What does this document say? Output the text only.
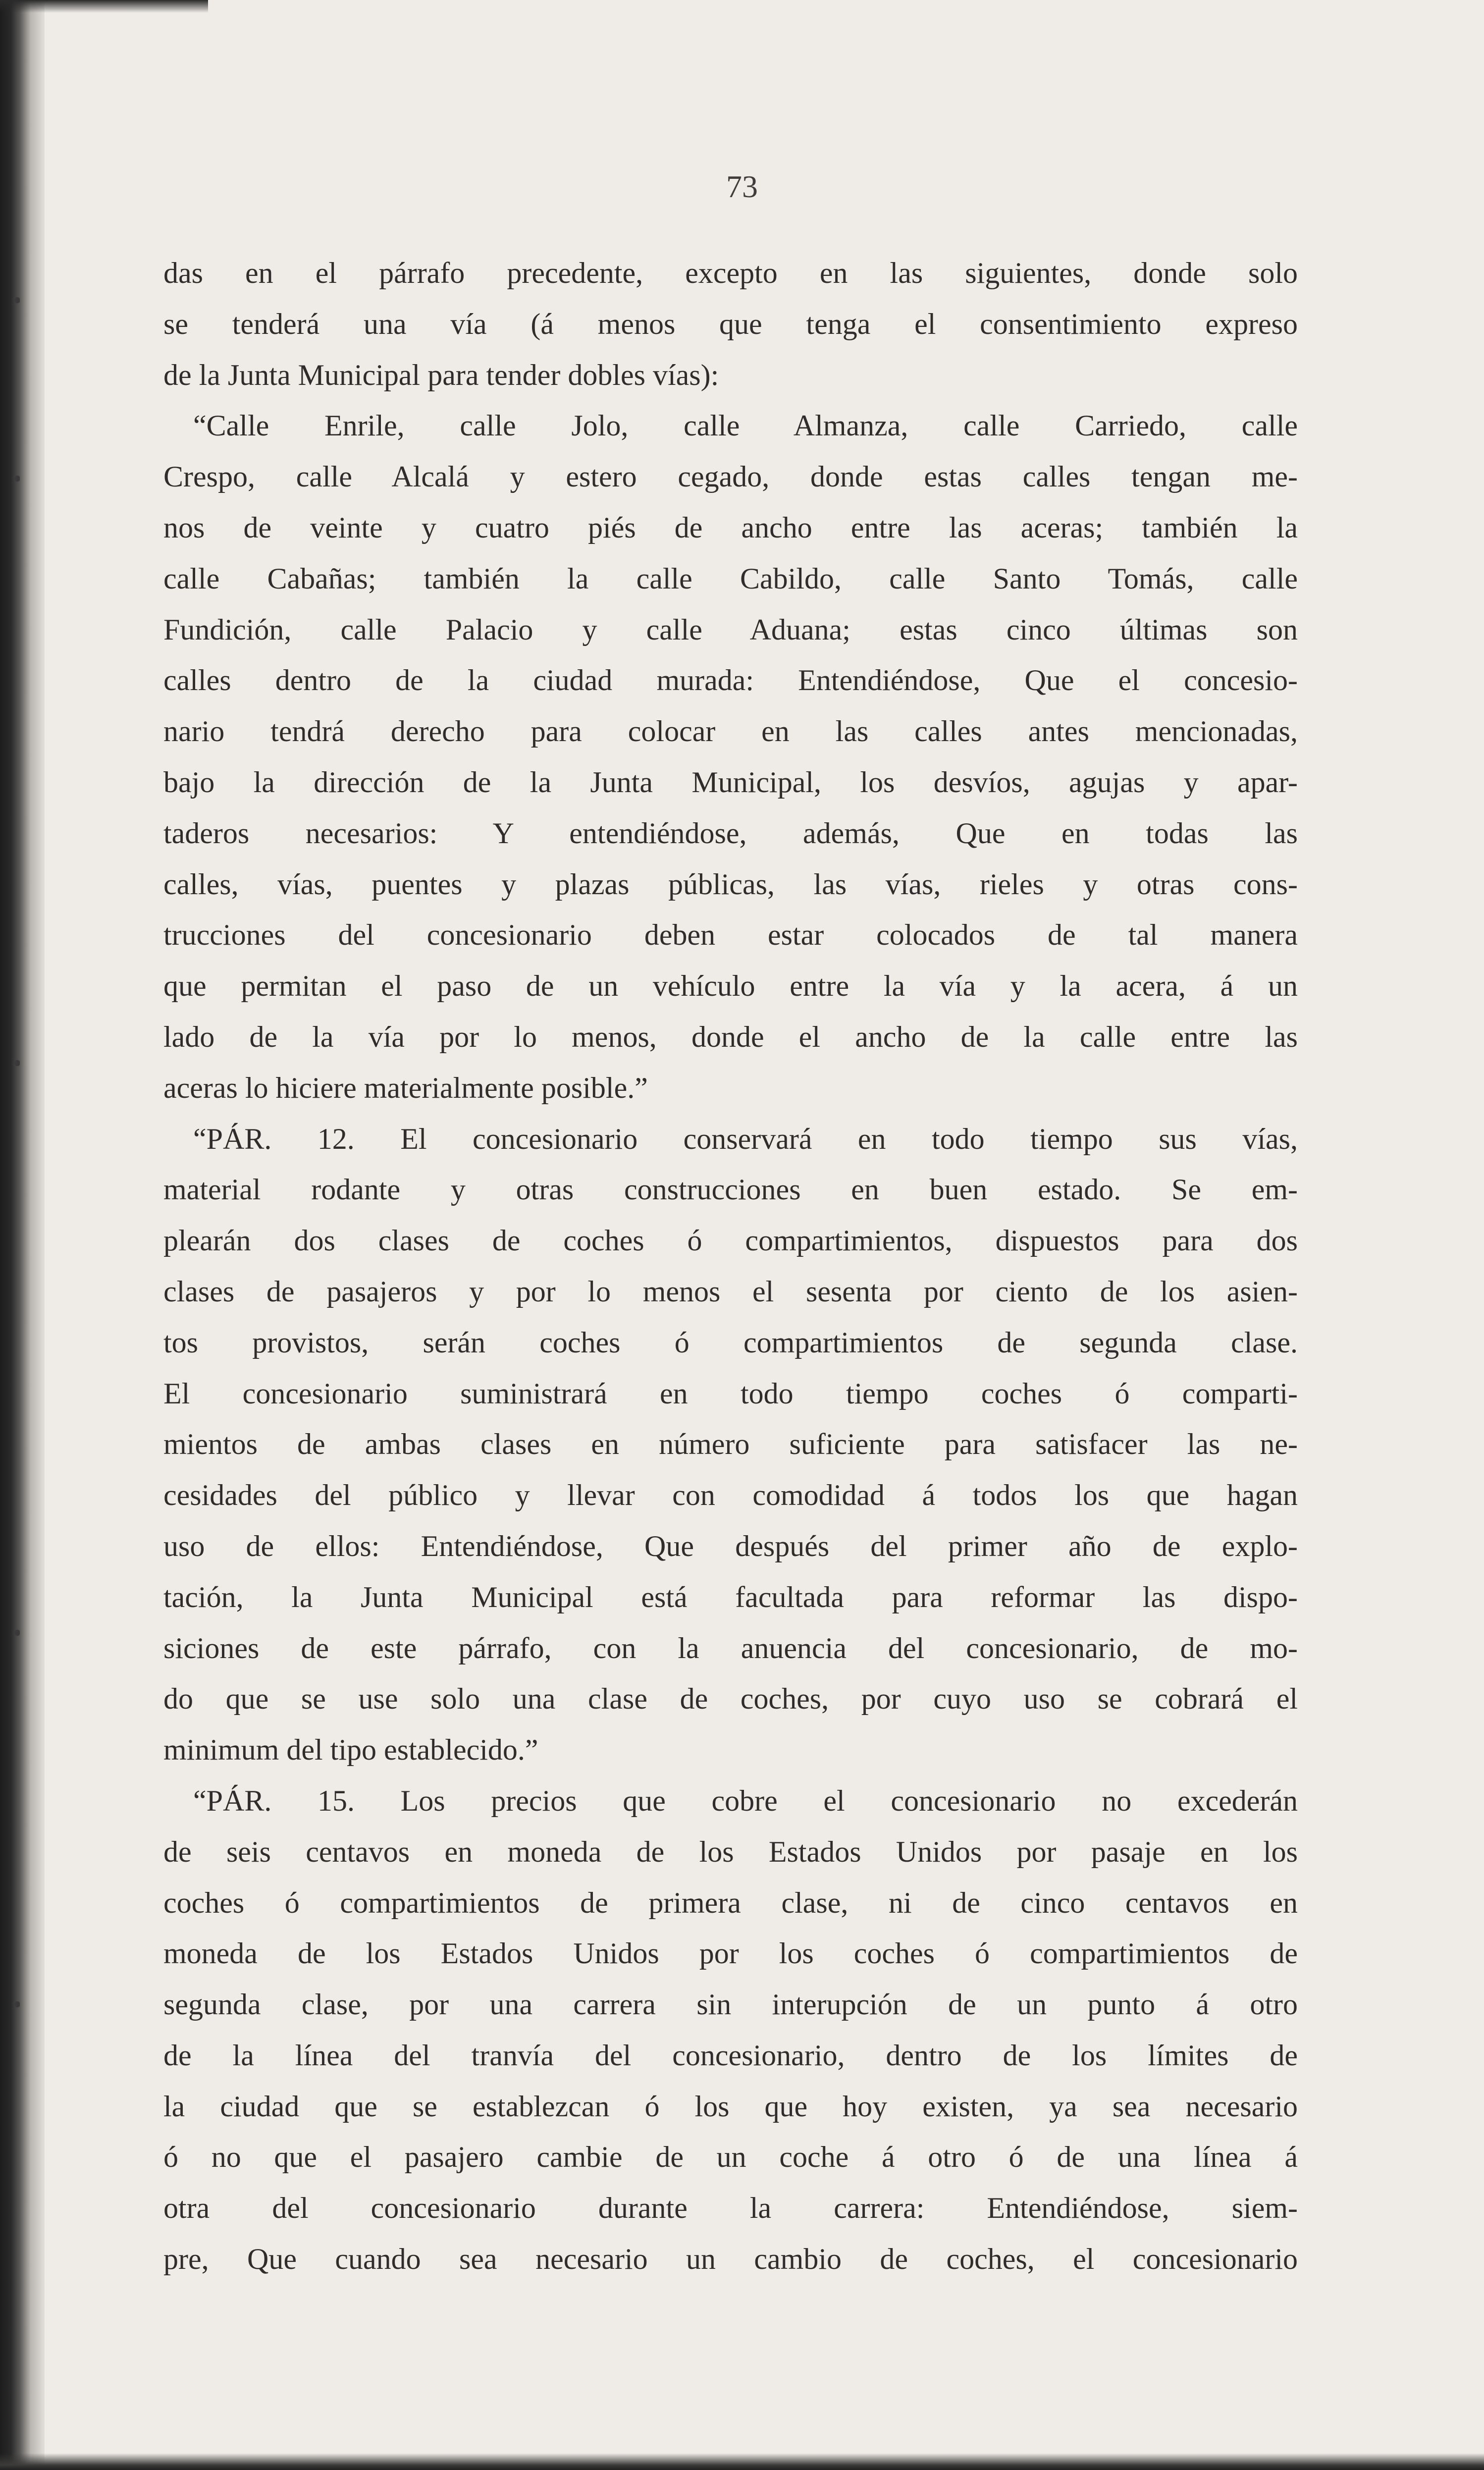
73

das en el párrafo precedente, excepto en las siguientes, donde solo
se tenderá una vía (á menos que tenga el consentimiento expreso
de la Junta Municipal para tender dobles vías):
“Calle Enrile, calle Jolo, calle Almanza, calle Carriedo, calle
Crespo, calle Alcalá y estero cegado, donde estas calles tengan me-
nos de veinte y cuatro piés de ancho entre las aceras; también la
calle Cabañas; también la calle Cabildo, calle Santo Tomás, calle
Fundición, calle Palacio y calle Aduana; estas cinco últimas son
calles dentro de la ciudad murada: Entendiéndose, Que el concesio-
nario tendrá derecho para colocar en las calles antes mencionadas,
bajo la dirección de la Junta Municipal, los desvíos, agujas y apar-
taderos necesarios: Y entendiéndose, además, Que en todas las
calles, vías, puentes y plazas públicas, las vías, rieles y otras cons-
trucciones del concesionario deben estar colocados de tal manera
que permitan el paso de un vehículo entre la vía y la acera, á un
lado de la vía por lo menos, donde el ancho de la calle entre las
aceras lo hiciere materialmente posible.”
“PÁR. 12. El concesionario conservará en todo tiempo sus vías,
material rodante y otras construcciones en buen estado. Se em-
plearán dos clases de coches ó compartimientos, dispuestos para dos
clases de pasajeros y por lo menos el sesenta por ciento de los asien-
tos provistos, serán coches ó compartimientos de segunda clase.
El concesionario suministrará en todo tiempo coches ó comparti-
mientos de ambas clases en número suficiente para satisfacer las ne-
cesidades del público y llevar con comodidad á todos los que hagan
uso de ellos: Entendiéndose, Que después del primer año de explo-
tación, la Junta Municipal está facultada para reformar las dispo-
siciones de este párrafo, con la anuencia del concesionario, de mo-
do que se use solo una clase de coches, por cuyo uso se cobrará el
minimum del tipo establecido.”
“PÁR. 15. Los precios que cobre el concesionario no excederán
de seis centavos en moneda de los Estados Unidos por pasaje en los
coches ó compartimientos de primera clase, ni de cinco centavos en
moneda de los Estados Unidos por los coches ó compartimientos de
segunda clase, por una carrera sin interupción de un punto á otro
de la línea del tranvía del concesionario, dentro de los límites de
la ciudad que se establezcan ó los que hoy existen, ya sea necesario
ó no que el pasajero cambie de un coche á otro ó de una línea á
otra del concesionario durante la carrera: Entendiéndose, siem-
pre, Que cuando sea necesario un cambio de coches, el concesionario
